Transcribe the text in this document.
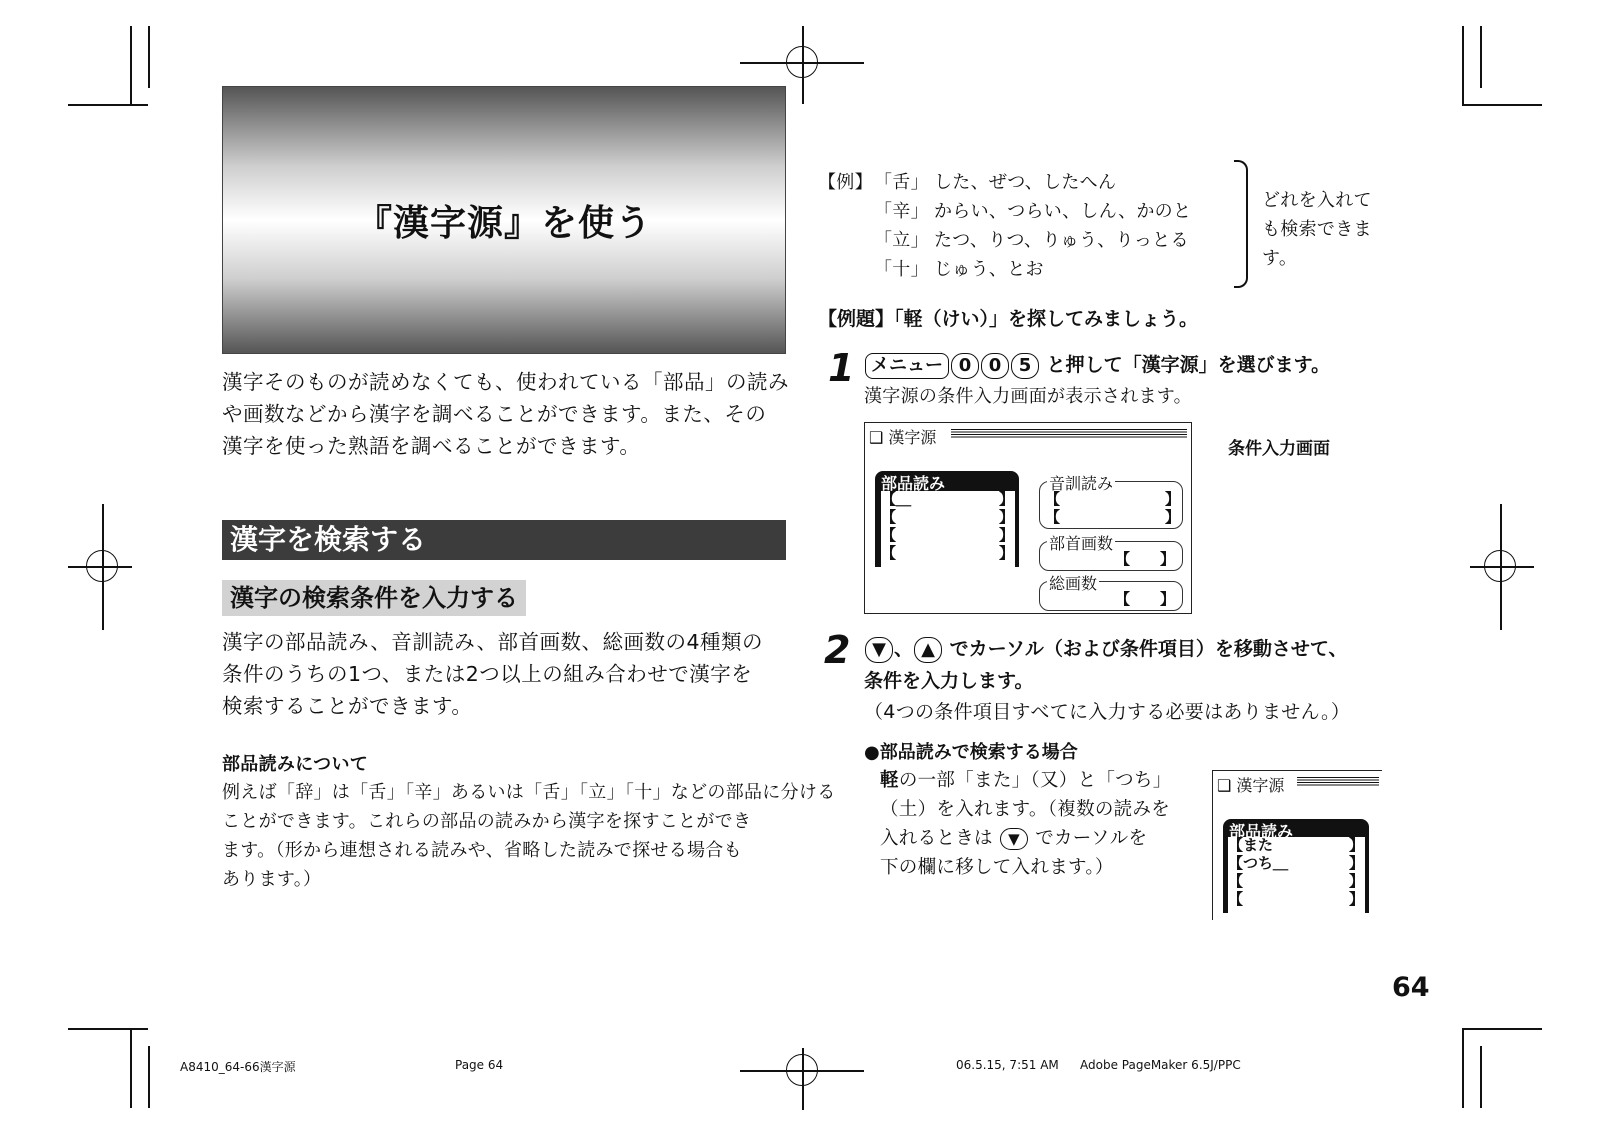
『漢字源』を使う
漢字そのものが読めなくても、使われている「部品」の読み
や画数などから漢字を調べることができます。また、その
漢字を使った熟語を調べることができます。
漢字を検索する
漢字の検索条件を入力する
漢字の部品読み、音訓読み、部首画数、総画数の4種類の
条件のうちの1つ、または2つ以上の組み合わせで漢字を
検索することができます。
部品読みについて
例えば「辞」は「舌」「辛」あるいは「舌」「立」「十」などの部品に分ける
ことができます。これらの部品の読みから漢字を探すことができ
ます。（形から連想される読みや、省略した読みで探せる場合も
あります。）
【例】 「舌」 した、ぜつ、したへん
「辛」 からい、つらい、しん、かのと
「立」 たつ、りつ、りゅう、りっとる
「十」 じゅう、とお
どれを入れて
も検索できま
す。
【例題】「軽（けい）」を探してみましょう。
1 メニュー 0 0 5 と押して「漢字源」を選びます。
漢字源の条件入力画面が表示されます。
❑ 漢字源
部品読み
【＿
【
【
【
】
】
】
】
音訓読み
【
【
】
】
部首画数
【　　】
総画数
【　　】
条件入力画面
2	▼ 、 ▲ でカーソル（および条件項目）を移動させて、
条件を入力します。
（4つの条件項目すべてに入力する必要はありません。）
●部品読みで検索する場合
軽の一部「また」（又）と「つち」
（土）を入れます。（複数の読みを
入れるときは ▼ でカーソルを
下の欄に移して入れます。）
❑ 漢字源
部品読み
【また
【つち＿
【
【
】
】
】
】
64
A8410_64-66漢字源	Page 64	06.5.15, 7:51 AM Adobe PageMaker 6.5J/PPC
